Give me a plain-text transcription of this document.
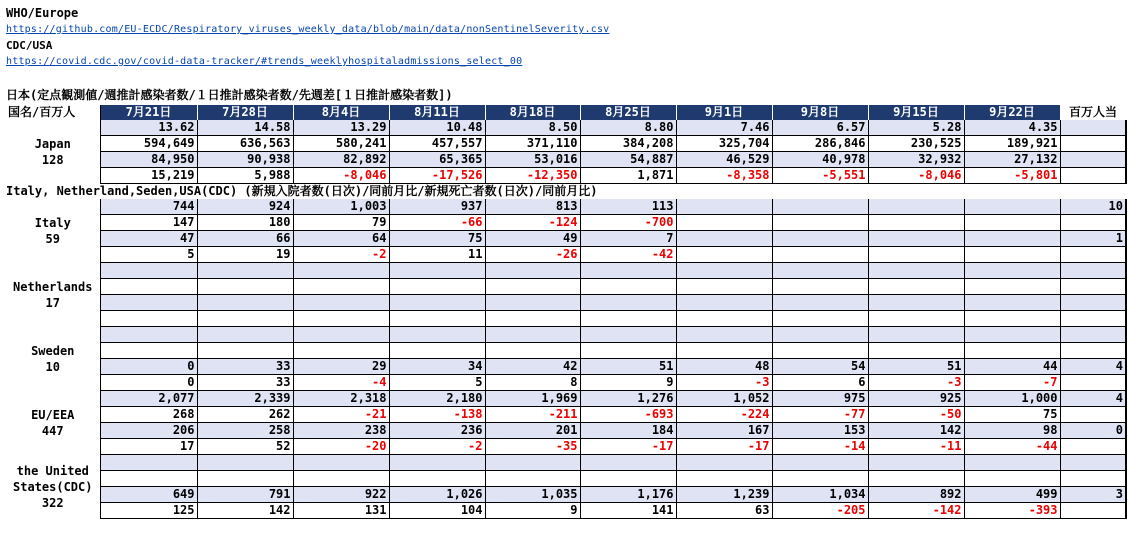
WHO/Europe
https://github.com/EU-ECDC/Respiratory_viruses_weekly_data/blob/main/data/nonSentinelSeverity.csv
CDC/USA
https://covid.cdc.gov/covid-data-tracker/#trends_weeklyhospitaladmissions_select_00
日本(定点観測値/週推計感染者数/１日推計感染者数/先週差[１日推計感染者数])
国名/百万人	7月21日	7月28日	8月4日	8月11日	8月18日	8月25日	9月1日	9月8日	9月15日	9月22日	百万人当

Japan
128	13.62	14.58	13.29	10.48	8.50	8.80	7.46	6.57	5.28	4.35	
	594,649	636,563	580,241	457,557	371,110	384,208	325,704	286,846	230,525	189,921	
	84,950	90,938	82,892	65,365	53,016	54,887	46,529	40,978	32,932	27,132	
	15,219	5,988	-8,046	-17,526	-12,350	1,871	-8,358	-5,551	-8,046	-5,801	
Italy, Netherland,Seden,USA(CDC) (新規入院者数(日次)/同前月比/新規死亡者数(日次)/同前月比)											

Italy
59	744	924	1,003	937	813	113					10
	147	180	79	-66	-124	-700					
	47	66	64	75	49	7					1
	5	19	-2	11	-26	-42					

Netherlands
17											

Sweden
10											

	0	33	29	34	42	51	48	54	51	44	4
	0	33	-4	5	8	9	-3	6	-3	-7	

EU/EEA
447	2,077	2,339	2,318	2,180	1,969	1,276	1,052	975	925	1,000	4
	268	262	-21	-138	-211	-693	-224	-77	-50	75	
	206	258	238	236	201	184	167	153	142	98	0
	17	52	-20	-2	-35	-17	-17	-14	-11	-44	

the United States(CDC)
322											

	649	791	922	1,026	1,035	1,176	1,239	1,034	892	499	3
	125	142	131	104	9	141	63	-205	-142	-393	
